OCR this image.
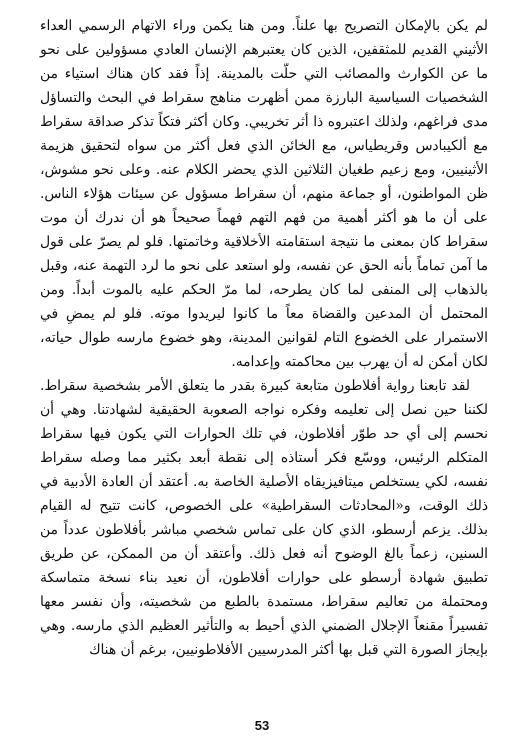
لم يكن بالإمكان التصريح بها علناً. ومن هنا يكمن وراء الاتهام الرسمي العداء الأثيني القديم للمثقفين، الذين كان يعتبرهم الإنسان العادي مسؤولين على نحو ما عن الكوارث والمصائب التي حلّت بالمدينة. إذاً فقد كان هناك استياء من الشخصيات السياسية البارزة ممن أظهرت مناهج سقراط في البحث والتساؤل مدى فراغهم، ولذلك اعتبروه ذا أثر تخريبي. وكان أكثر فتكاً تذكر صداقة سقراط مع ألكيبادس وقريطياس، مع الخائن الذي فعل أكثر من سواه لتحقيق هزيمة الأثينيين، ومع زعيم طغيان الثلاثين الذي يحضر الكلام عنه. وعلى نحو مشوش، ظن المواطنون، أو جماعة منهم، أن سقراط مسؤول عن سيئات هؤلاء الناس. على أن ما هو أكثر أهمية من فهم التهم فهماً صحيحاً هو أن ندرك أن موت سقراط كان بمعنى ما نتيجة استقامته الأخلاقية وخاتمتها. فلو لم يصرّ على قول ما آمن تماماً بأنه الحق عن نفسه، ولو استعد على نحو ما لرد التهمة عنه، وقبل بالذهاب إلى المنفى لما كان يطرحه، لما مرّ الحكم عليه بالموت أبداً. ومن المحتمل أن المدعين والقضاة معاً ما كانوا ليريدوا موته. فلو لم يمضِ في الاستمرار على الخضوع التام لقوانين المدينة، وهو خضوع مارسه طوال حياته، لكان أمكن له أن يهرب بين محاكمته وإعدامه.

لقد تابعنا رواية أفلاطون متابعة كبيرة بقدر ما يتعلق الأمر بشخصية سقراط. لكننا حين نصل إلى تعليمه وفكره نواجه الصعوبة الحقيقية لشهادتنا. وهي أن نحسم إلى أي حد طوّر أفلاطون، في تلك الحوارات التي يكون فيها سقراط المتكلم الرئيس، ووسّع فكر أستاذه إلى نقطة أبعد بكثير مما وصله سقراط نفسه، لكي يستخلص ميتافيزيقاه الأصلية الخاصة به. أعتقد أن العادة الأدبية في ذلك الوقت، و«المحادثات السقراطية» على الخصوص، كانت تتيح له القيام بذلك. يزعم أرسطو، الذي كان على تماس شخصي مباشر بأفلاطون عدداً من السنين، زعماً بالغ الوضوح أنه فعل ذلك. وأعتقد أن من الممكن، عن طريق تطبيق شهادة أرسطو على حوارات أفلاطون، أن نعيد بناء نسخة متماسكة ومحتملة من تعاليم سقراط، مستمدة بالطبع من شخصيته، وأن نفسر معها تفسيراً مقنعاً الإجلال الضمني الذي أحيط به والتأثير العظيم الذي مارسه. وهي بإيجاز الصورة التي قبل بها أكثر المدرسيين الأفلاطونيين، برغم أن هناك

53
